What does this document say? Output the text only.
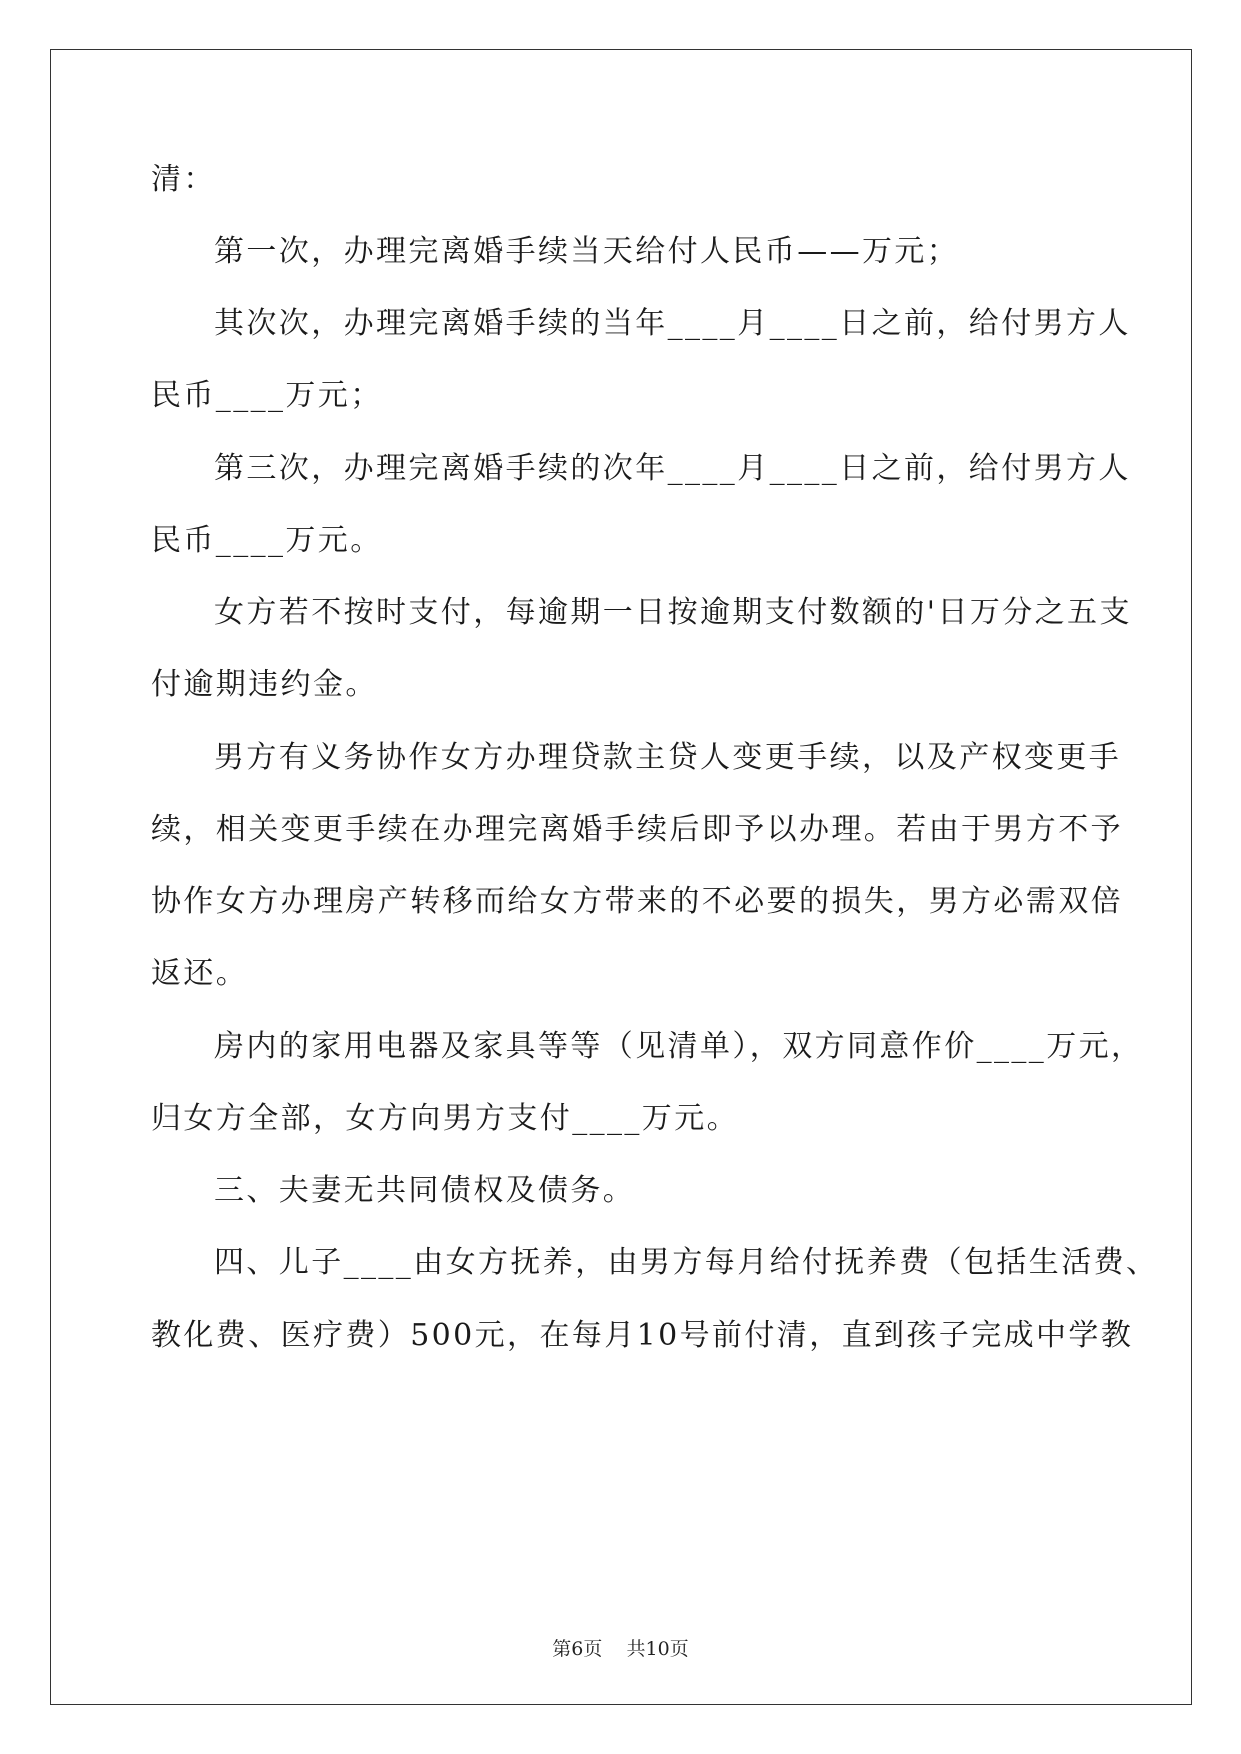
清：
第一次，办理完离婚手续当天给付人民币——万元；
其次次，办理完离婚手续的当年____月____日之前，给付男方人
民币____万元；
第三次，办理完离婚手续的次年____月____日之前，给付男方人
民币____万元。
女方若不按时支付，每逾期一日按逾期支付数额的'日万分之五支
付逾期违约金。
男方有义务协作女方办理贷款主贷人变更手续，以及产权变更手
续，相关变更手续在办理完离婚手续后即予以办理。若由于男方不予
协作女方办理房产转移而给女方带来的不必要的损失，男方必需双倍
返还。
房内的家用电器及家具等等（见清单），双方同意作价____万元，
归女方全部，女方向男方支付____万元。
三、夫妻无共同债权及债务。
四、儿子____由女方抚养，由男方每月给付抚养费（包括生活费、
教化费、医疗费）500元，在每月10号前付清，直到孩子完成中学教
第6页    共10页
